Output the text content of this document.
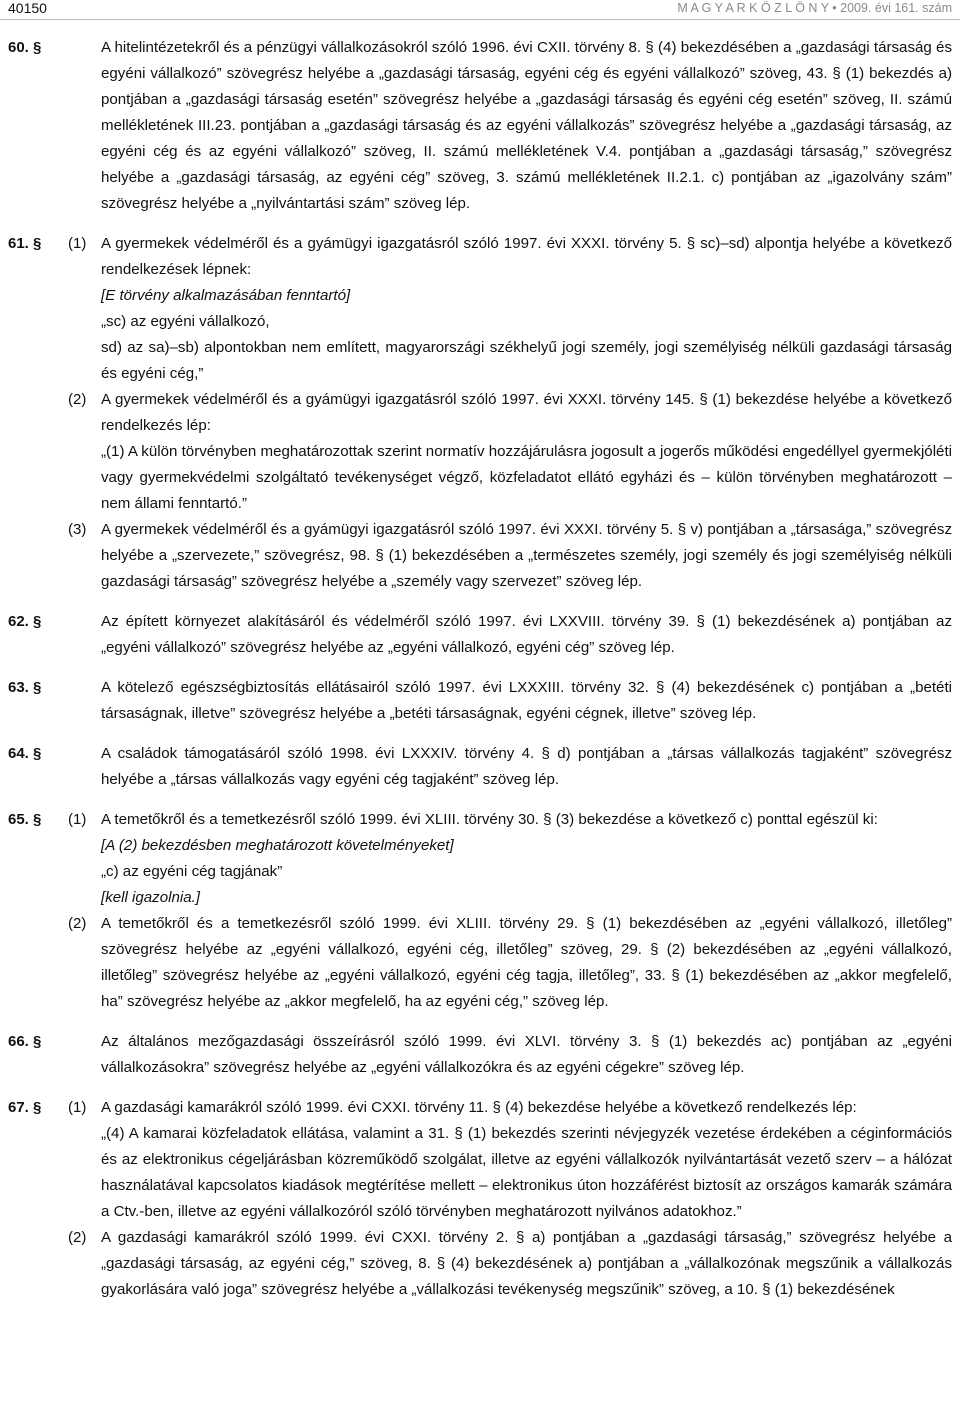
40150	M A G Y A R K Ö Z L Ö N Y • 2009. évi 161. szám
60. §	A hitelintézetekről és a pénzügyi vállalkozásokról szóló 1996. évi CXII. törvény 8. § (4) bekezdésében a „gazdasági társaság és egyéni vállalkozó” szövegrész helyébe a „gazdasági társaság, egyéni cég és egyéni vállalkozó” szöveg, 43. § (1) bekezdés a) pontjában a „gazdasági társaság esetén” szövegrész helyébe a „gazdasági társaság és egyéni cég esetén” szöveg, II. számú mellékletének III.23. pontjában a „gazdasági társaság és az egyéni vállalkozás” szövegrész helyébe a „gazdasági társaság, az egyéni cég és az egyéni vállalkozó” szöveg, II. számú mellékletének V.4. pontjában a „gazdasági társaság,” szövegrész helyébe a „gazdasági társaság, az egyéni cég” szöveg, 3. számú mellékletének II.2.1. c) pontjában az „igazolvány szám” szövegrész helyébe a „nyilvántartási szám” szöveg lép.
61. §	(1) A gyermekek védelméről és a gyámügyi igazgatásról szóló 1997. évi XXXI. törvény 5. § sc)–sd) alpontja helyébe a következő rendelkezések lépnek:
[E törvény alkalmazásában fenntartó]
„sc) az egyéni vállalkozó,
sd) az sa)–sb) alpontokban nem említett, magyarországi székhelyű jogi személy, jogi személyiség nélküli gazdasági társaság és egyéni cég,”
(2) A gyermekek védelméről és a gyámügyi igazgatásról szóló 1997. évi XXXI. törvény 145. § (1) bekezdése helyébe a következő rendelkezés lép:
„(1) A külön törvényben meghatározottak szerint normatív hozzájárulásra jogosult a jogerős működési engedéllyel gyermekjóléti vagy gyermekvédelmi szolgáltató tevékenységet végző, közfeladatot ellátó egyházi és – külön törvényben meghatározott – nem állami fenntartó.”
(3) A gyermekek védelméről és a gyámügyi igazgatásról szóló 1997. évi XXXI. törvény 5. § v) pontjában a „társasága,” szövegrész helyébe a „szervezete,” szövegrész, 98. § (1) bekezdésében a „természetes személy, jogi személy és jogi személyiség nélküli gazdasági társaság” szövegrész helyébe a „személy vagy szervezet” szöveg lép.
62. §	Az épített környezet alakításáról és védelméről szóló 1997. évi LXXVIII. törvény 39. § (1) bekezdésének a) pontjában az „egyéni vállalkozó” szövegrész helyébe az „egyéni vállalkozó, egyéni cég” szöveg lép.
63. §	A kötelező egészségbiztosítás ellátásairól szóló 1997. évi LXXXIII. törvény 32. § (4) bekezdésének c) pontjában a „betéti társaságnak, illetve” szövegrész helyébe a „betéti társaságnak, egyéni cégnek, illetve” szöveg lép.
64. §	A családok támogatásáról szóló 1998. évi LXXXIV. törvény 4. § d) pontjában a „társas vállalkozás tagjaként” szövegrész helyébe a „társas vállalkozás vagy egyéni cég tagjaként” szöveg lép.
65. §	(1) A temetőkről és a temetkezésről szóló 1999. évi XLIII. törvény 30. § (3) bekezdése a következő c) ponttal egészül ki:
[A (2) bekezdésben meghatározott követelményeket]
„c) az egyéni cég tagjának”
[kell igazolnia.]
(2) A temetőkről és a temetkezésről szóló 1999. évi XLIII. törvény 29. § (1) bekezdésében az „egyéni vállalkozó, illetőleg” szövegrész helyébe az „egyéni vállalkozó, egyéni cég, illetőleg” szöveg, 29. § (2) bekezdésében az „egyéni vállalkozó, illetőleg” szövegrész helyébe az „egyéni vállalkozó, egyéni cég tagja, illetőleg”, 33. § (1) bekezdésében az „akkor megfelelő, ha” szövegrész helyébe az „akkor megfelelő, ha az egyéni cég,” szöveg lép.
66. §	Az általános mezőgazdasági összeírásról szóló 1999. évi XLVI. törvény 3. § (1) bekezdés ac) pontjában az „egyéni vállalkozásokra” szövegrész helyébe az „egyéni vállalkozókra és az egyéni cégekre” szöveg lép.
67. §	(1) A gazdasági kamarákról szóló 1999. évi CXXI. törvény 11. § (4) bekezdése helyébe a következő rendelkezés lép:
„(4) A kamarai közfeladatok ellátása, valamint a 31. § (1) bekezdés szerinti névjegyzék vezetése érdekében a céginformációs és az elektronikus cégeljárásban közreműködő szolgálat, illetve az egyéni vállalkozók nyilvántartását vezető szerv – a hálózat használatával kapcsolatos kiadások megtérítése mellett – elektronikus úton hozzáférést biztosít az országos kamarák számára a Ctv.-ben, illetve az egyéni vállalkozóról szóló törvényben meghatározott nyilvános adatokhoz.”
(2) A gazdasági kamarákról szóló 1999. évi CXXI. törvény 2. § a) pontjában a „gazdasági társaság,” szövegrész helyébe a „gazdasági társaság, az egyéni cég,” szöveg, 8. § (4) bekezdésének a) pontjában a „vállalkozónak megszűnik a vállalkozás gyakorlására való joga” szövegrész helyébe a „vállalkozási tevékenység megszűnik” szöveg, a 10. § (1) bekezdésének
